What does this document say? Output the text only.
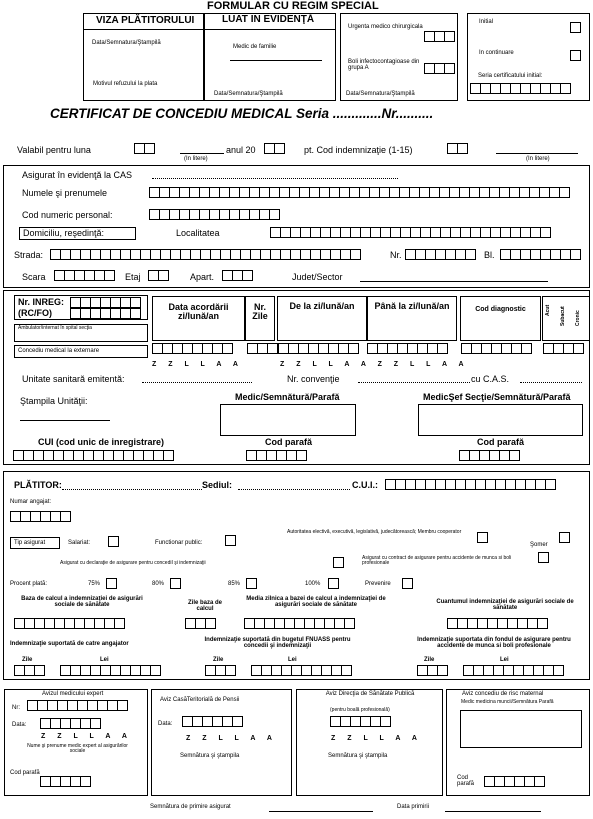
FORMULAR CU REGIM SPECIAL
VIZA PLĂTITORULUI
Data/Semnatura/Ştampilă
Motivul refuzului la plata
LUAT IN EVIDENŢĂ
Medic de familie
Data/Semnatura/Ştampilă
Urgenta medico chirurgicala
Boli infectocontagioase din grupa A
Data/Semnatura/Ştampilă
Initial
In continuare
Seria certificatului initial:
CERTIFICAT DE CONCEDIU MEDICAL Seria .............Nr..........
Valabil pentru luna
(In litere)
anul 20	pt. Cod indemnizaţie (1-15)
(In litere)
Asigurat în evidenţă la CAS
Numele şi prenumele
Cod numeric personal:
Domiciliu, reşedinţă:	Localitatea
Strada:	Nr.	Bl.
Scara	Etaj	Apart.	Judet/Sector
Nr. INREG:
(RC/FO)
Ambulator/internat în spital secţia
Concediu medical la externare
Data acordării zi/lună/an
Nr. Zile
De la zi/lună/an	Până la zi/lună/an	Cod diagnostic	Acut Subacut Cronic
Z Z L L A A	Z Z L L A A Z Z L L A A
Unitate sanitară emitentă:	Nr. convenţie	cu C.A.S.
Ştampila Unităţii:	Medic/Semnătură/Parafă	MedicŞef Secţie/Semnătură/Parafă
CUI (cod unic de inregistrare)	Cod parafă	Cod parafă
PLĂTITOR:	Sediul:	C.U.I.:
Numar angajat:
Tip asigurat	Salariat:	Functionar public:
Autoritatea electivă, executivă, legislativă, judecătorească; Membru cooperator
Şomer
Asigurat cu declaraţie de asigurare pentru concediI şi indemnizaţii
Asigurat cu contract de asigurare pentru accidente de munca si boli profesionale
Procent plată:	75%	80%	85%	100%	Prevenire
Baza de calcul a indemnizaţiei de asigurări sociale de sănătate	Zile baza de calcul
Media zilnica a bazei de calcul a indemnizaţiei de asigurări sociale de sănătate
Cuantumul indemnizaţiei de asigurări sociale de sănătate
Indemnizaţie suportată de catre angajator
Indemnizaţie suportată din bugetul FNUASS pentru concedii şi indemnizaţii
Indemnizaţie suportata din fondul de asigurare pentru accidente de munca si boli profesionale
Zile	Lei	Zile	Lei	Zile	Lei
Avizul medicului expert
Nr:
Data:
Z Z L L A A
Nume şi prenume medic expert al asigurărilor sociale
Cod parafă
Aviz CasăTeritorială de Pensii
Data:
Z Z L L A A
Semnătura şi ştampila
Aviz Direcţia de Sănătate Publică
(pentru boală profesională)
Z Z L L A A
Semnătura şi ştampila
Aviz concediu de risc maternal
Medic medicina muncii/Semnătura Parafă
Cod parafă
Semnătura de primire asigurat	Data primirii
